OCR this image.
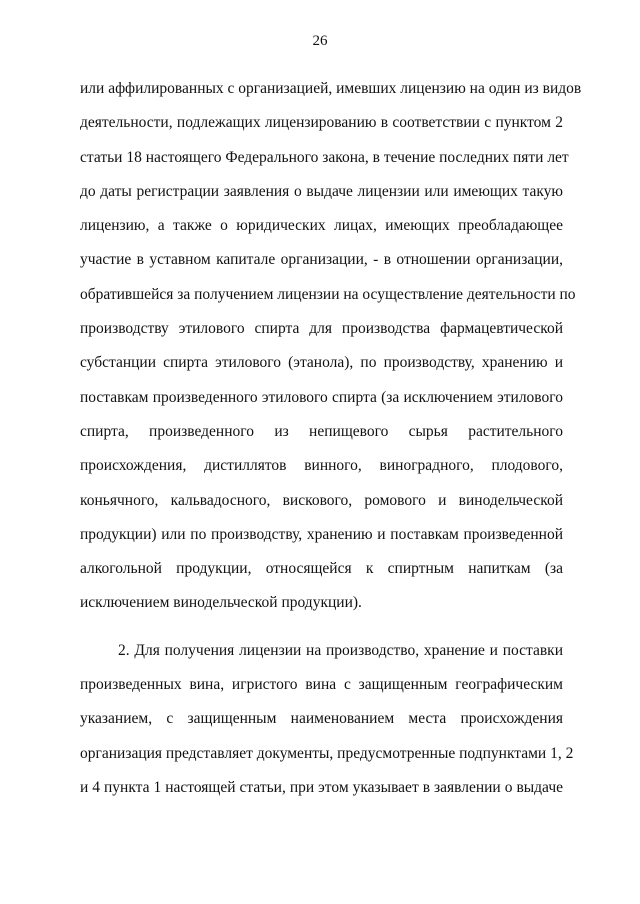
26
или аффилированных с организацией, имевших лицензию на один из видов
деятельности, подлежащих лицензированию в соответствии с пунктом 2
статьи 18 настоящего Федерального закона, в течение последних пяти лет
до даты регистрации заявления о выдаче лицензии или имеющих такую
лицензию, а также о юридических лицах, имеющих преобладающее
участие в уставном капитале организации, - в отношении организации,
обратившейся за получением лицензии на осуществление деятельности по
производству этилового спирта для производства фармацевтической
субстанции спирта этилового (этанола), по производству, хранению и
поставкам произведенного этилового спирта (за исключением этилового
спирта, произведенного из непищевого сырья растительного
происхождения, дистиллятов винного, виноградного, плодового,
коньячного, кальвадосного, вискового, ромового и винодельческой
продукции) или по производству, хранению и поставкам произведенной
алкогольной продукции, относящейся к спиртным напиткам (за
исключением винодельческой продукции).
2. Для получения лицензии на производство, хранение и поставки
произведенных вина, игристого вина с защищенным географическим
указанием, с защищенным наименованием места происхождения
организация представляет документы, предусмотренные подпунктами 1, 2
и 4 пункта 1 настоящей статьи, при этом указывает в заявлении о выдаче
